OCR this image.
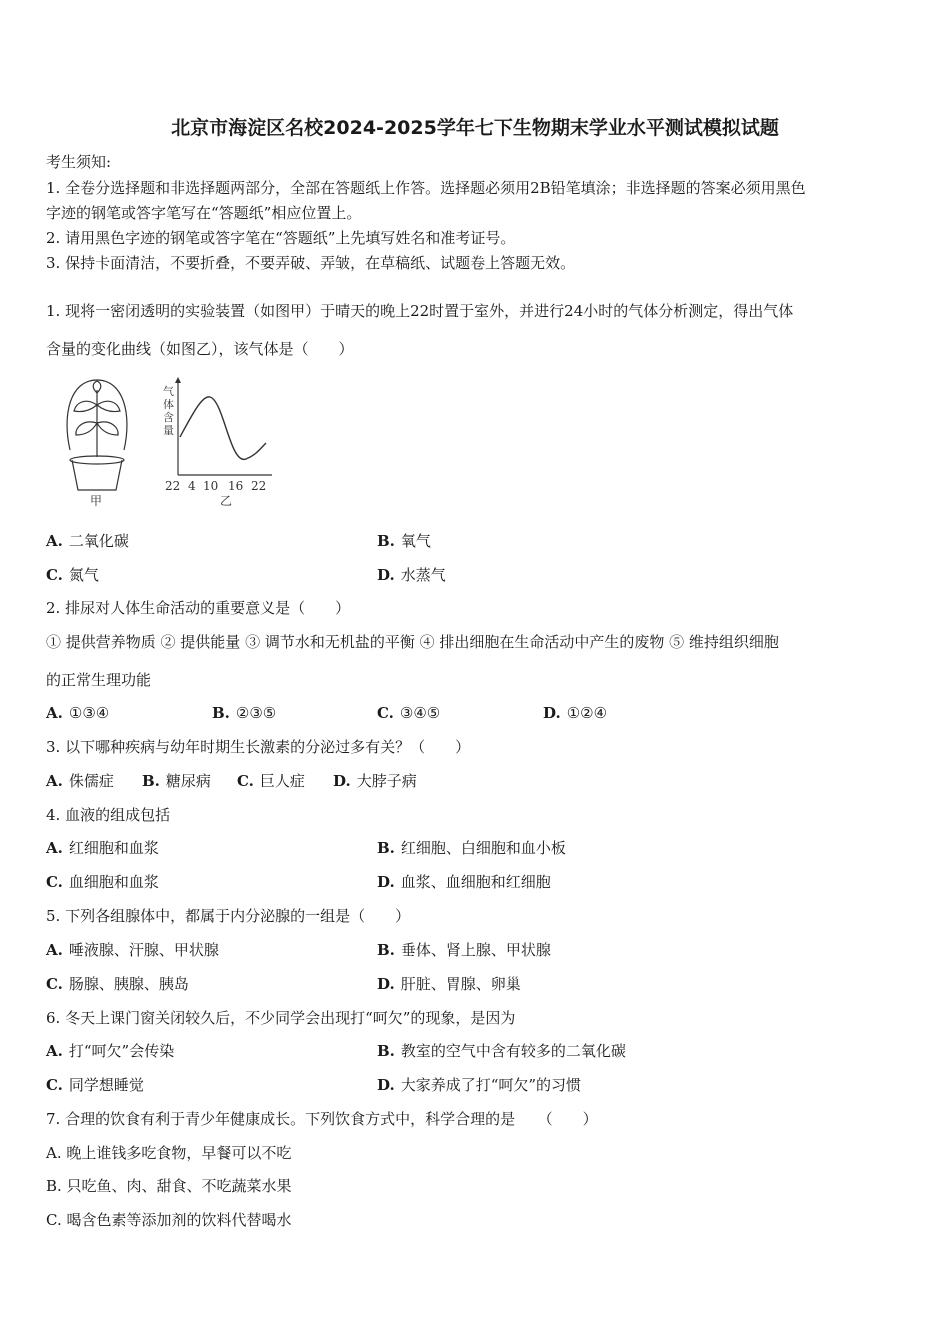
北京市海淀区名校2024-2025学年七下生物期末学业水平测试模拟试题
考生须知:
1. 全卷分选择题和非选择题两部分，全部在答题纸上作答。选择题必须用2B铅笔填涂；非选择题的答案必须用黑色
字迹的钢笔或答字笔写在“答题纸”相应位置上。
2. 请用黑色字迹的钢笔或答字笔在“答题纸”上先填写姓名和准考证号。
3. 保持卡面清洁，不要折叠，不要弄破、弄皱，在草稿纸、试题卷上答题无效。
1. 现将一密闭透明的实验装置（如图甲）于晴天的晚上22时置于室外，并进行24小时的气体分析测定，得出气体
含量的变化曲线（如图乙），该气体是（　　）
甲
气
体
含
量
22 4 10 16 22
乙
A. 二氧化碳	B. 氧气
C. 氮气	D. 水蒸气
2. 排尿对人体生命活动的重要意义是（　　）
① 提供营养物质 ② 提供能量 ③ 调节水和无机盐的平衡 ④ 排出细胞在生命活动中产生的废物 ⑤ 维持组织细胞
的正常生理功能
A. ①③④	B. ②③⑤	C. ③④⑤	D. ①②④
3. 以下哪种疾病与幼年时期生长激素的分泌过多有关？（　　）
A. 侏儒症 B. 糖尿病 C. 巨人症 D. 大脖子病
4. 血液的组成包括
A. 红细胞和血浆	B. 红细胞、白细胞和血小板
C. 血细胞和血浆	D. 血浆、血细胞和红细胞
5. 下列各组腺体中，都属于内分泌腺的一组是（　　）
A. 唾液腺、汗腺、甲状腺	B. 垂体、肾上腺、甲状腺
C. 肠腺、胰腺、胰岛	D. 肝脏、胃腺、卵巢
6. 冬天上课门窗关闭较久后，不少同学会出现打“呵欠”的现象，是因为
A. 打“呵欠”会传染	B. 教室的空气中含有较多的二氧化碳
C. 同学想睡觉	D. 大家养成了打“呵欠”的习惯
7. 合理的饮食有利于青少年健康成长。下列饮食方式中，科学合理的是　　（　　）
A. 晚上谁钱多吃食物，早餐可以不吃
B. 只吃鱼、肉、甜食、不吃蔬菜水果
C. 喝含色素等添加剂的饮料代替喝水
